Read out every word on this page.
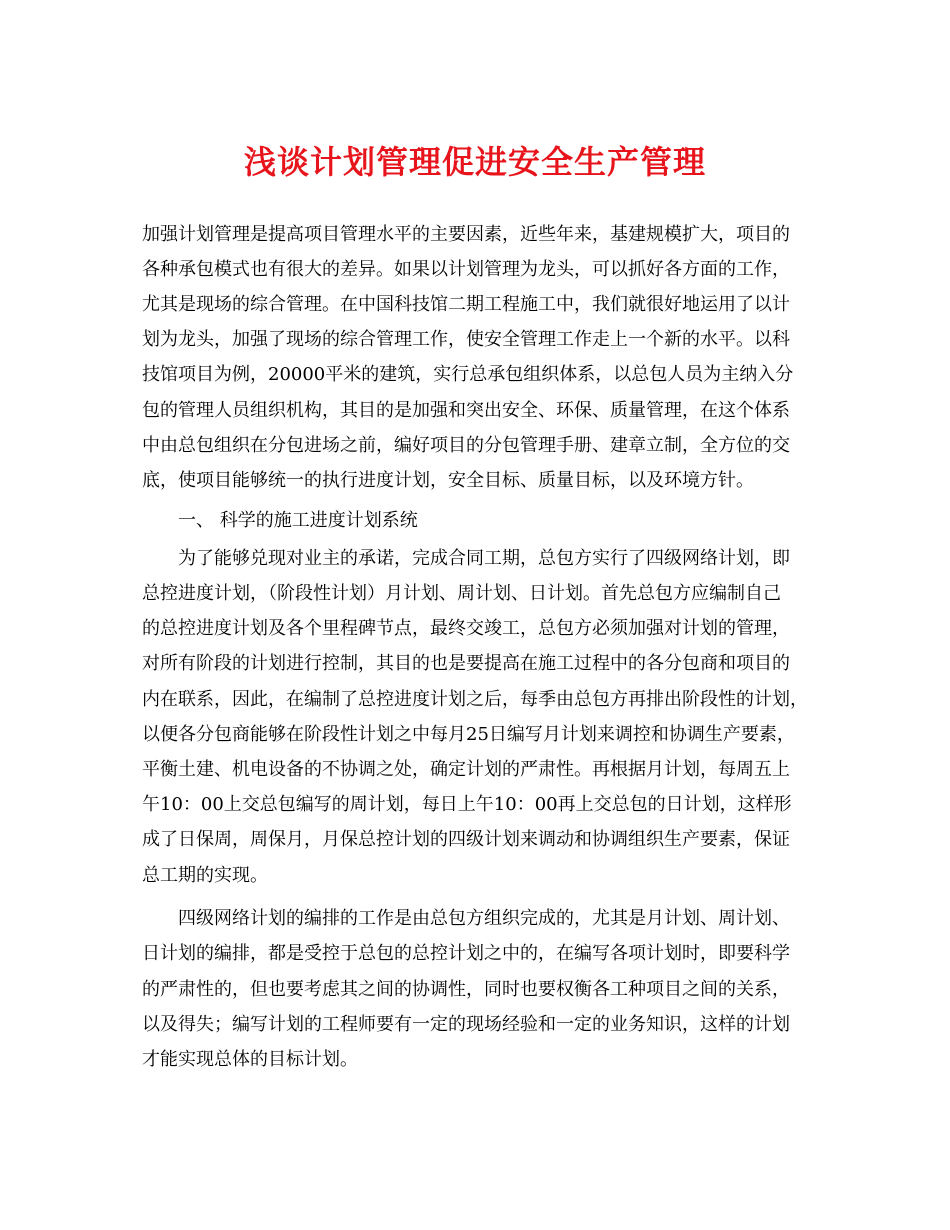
浅谈计划管理促进安全生产管理
加强计划管理是提高项目管理水平的主要因素，近些年来，基建规模扩大，项目的
各种承包模式也有很大的差异。如果以计划管理为龙头，可以抓好各方面的工作，
尤其是现场的综合管理。在中国科技馆二期工程施工中，我们就很好地运用了以计
划为龙头，加强了现场的综合管理工作，使安全管理工作走上一个新的水平。以科
技馆项目为例，20000平米的建筑，实行总承包组织体系，以总包人员为主纳入分
包的管理人员组织机构，其目的是加强和突出安全、环保、质量管理，在这个体系
中由总包组织在分包进场之前，编好项目的分包管理手册、建章立制，全方位的交
底，使项目能够统一的执行进度计划，安全目标、质量目标，以及环境方针。
一、 科学的施工进度计划系统
为了能够兑现对业主的承诺，完成合同工期，总包方实行了四级网络计划，即
总控进度计划，（阶段性计划）月计划、周计划、日计划。首先总包方应编制自己
的总控进度计划及各个里程碑节点，最终交竣工，总包方必须加强对计划的管理，
对所有阶段的计划进行控制，其目的也是要提高在施工过程中的各分包商和项目的
内在联系，因此，在编制了总控进度计划之后，每季由总包方再排出阶段性的计划，
以便各分包商能够在阶段性计划之中每月25日编写月计划来调控和协调生产要素，
平衡土建、机电设备的不协调之处，确定计划的严肃性。再根据月计划，每周五上
午10：00上交总包编写的周计划，每日上午10：00再上交总包的日计划，这样形
成了日保周，周保月，月保总控计划的四级计划来调动和协调组织生产要素，保证
总工期的实现。
四级网络计划的编排的工作是由总包方组织完成的，尤其是月计划、周计划、
日计划的编排，都是受控于总包的总控计划之中的，在编写各项计划时，即要科学
的严肃性的，但也要考虑其之间的协调性，同时也要权衡各工种项目之间的关系，
以及得失；编写计划的工程师要有一定的现场经验和一定的业务知识，这样的计划
才能实现总体的目标计划。
